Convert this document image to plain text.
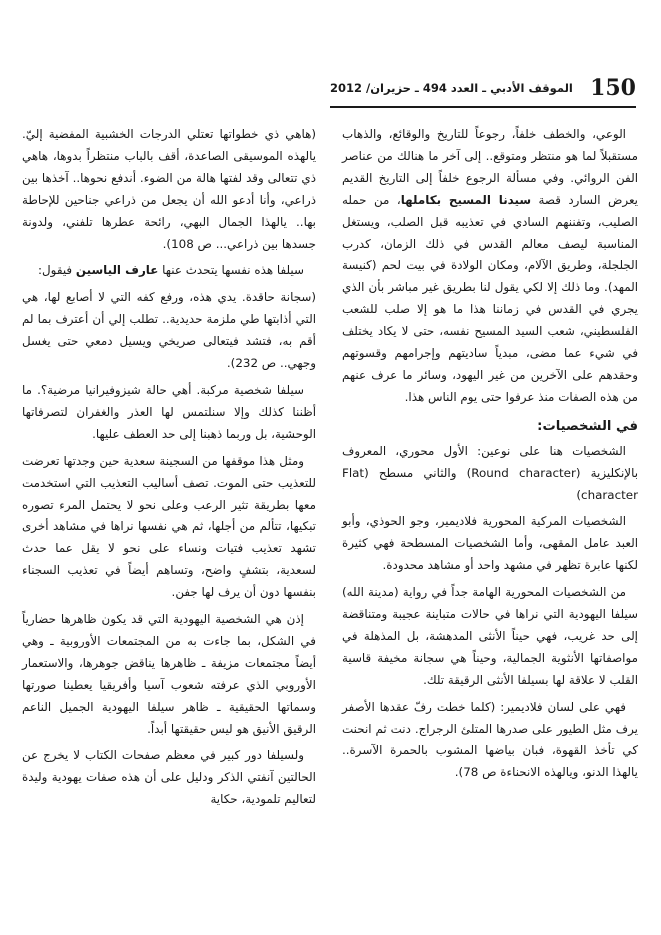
الموقف الأدبي ـ العدد 494 ـ حزيران/ 2012 150

الوعي، والخطف خلفاً، رجوعاً للتاريخ والوقائع، والذهاب مستقبلاً لما هو منتظر ومتوقع.. إلى آخر ما هنالك من عناصر الفن الروائي. وفي مسألة الرجوع خلفاً إلى التاريخ القديم يعرض السارد قصة سيدنا المسيح بكاملها، من حمله الصليب، وتفننهم السادي في تعذيبه قبل الصلب، ويستغل المناسبة ليصف معالم القدس في ذلك الزمان، كدرب الجلجلة، وطريق الآلام، ومكان الولادة في بيت لحم (كنيسة المهد). وما ذلك إلا لكي يقول لنا بطريق غير مباشر بأن الذي يجري في القدس في زماننا هذا ما هو إلا صلب للشعب الفلسطيني، شعب السيد المسيح نفسه، حتى لا يكاد يختلف في شيء عما مضى، مبدياً ساديتهم وإجرامهم وقسوتهم وحقدهم على الآخرين من غير اليهود، وسائر ما عرف عنهم من هذه الصفات منذ عرفوا حتى يوم الناس هذا.

في الشخصيات:

الشخصيات هنا على نوعين: الأول محوري، المعروف بالإنكليزية (Round character) والثاني مسطح (Flat character)

الشخصيات المركية المحورية فلاديمير، وجو الحوذي، وأبو العبد عامل المقهى، وأما الشخصيات المسطحة فهي كثيرة لكنها عابرة تظهر في مشهد واحد أو مشاهد محدودة.

من الشخصيات المحورية الهامة جداً في رواية (مدينة الله) سيلفا اليهودية التي نراها في حالات متباينة عجيبة ومتناقضة إلى حد غريب، فهي حيناً الأنثى المدهشة، بل المذهلة في مواصفاتها الأنثوية الجمالية، وحيناً هي سجانة مخيفة قاسية القلب لا علاقة لها بسيلفا الأنثى الرقيقة تلك.

فهي على لسان فلاديمير: (كلما خطت رفّ عقدها الأصفر يرف مثل الطيور على صدرها المتلئ الرجراج. دنت ثم انحنت كي تأخذ القهوة، فبان بياضها المشوب بالحمرة الآسرة.. يالهذا الدنو، ويالهذه الانحناءة ص 78).

(هاهي ذي خطواتها تعتلي الدرجات الخشبية المفضية إليّ. يالهذه الموسيقى الصاعدة، أقف بالباب منتظراً بدوها، هاهي ذي تتعالى وقد لفتها هالة من الضوء. أندفع نحوها.. آخذها بين ذراعي، وأنا أدعو الله أن يجعل من ذراعي جناحين للإحاطة بها.. يالهذا الجمال البهي، رائحة عطرها تلفني، ولدونة جسدها بين ذراعي... ص 108).

سيلفا هذه نفسها يتحدث عنها عارف الياسين فيقول:

(سجانة حاقدة. يدي هذه، ورفع كفه التي لا أصابع لها، هي التي أذابتها طي ملزمة حديدية.. تطلب إلي أن أعترف بما لم أقم به، فتشد فيتعالى صريخي ويسيل دمعي حتى يغسل وجهي.. ص 232).

سيلفا شخصية مركبة. أهي حالة شيزوفيرانيا مرضية؟. ما أظننا كذلك وإلا سنلتمس لها العذر والغفران لتصرفاتها الوحشية، بل وربما ذهبنا إلى حد العطف عليها.

ومثل هذا موقفها من السجينة سعدية حين وجدتها تعرضت للتعذيب حتى الموت. تصف أساليب التعذيب التي استخدمت معها بطريقة تثير الرعب وعلى نحو لا يحتمل المرء تصوره تبكيها، تتألم من أجلها، ثم هي نفسها نراها في مشاهد أخرى تشهد تعذيب فتيات ونساء على نحو لا يقل عما حدث لسعدية، بتشفٍ واضح، وتساهم أيضاً في تعذيب السجناء بنفسها دون أن يرف لها جفن.

إذن هي الشخصية اليهودية التي قد يكون ظاهرها حضارياً في الشكل، بما جاءت به من المجتمعات الأوروبية ـ وهي أيضاً مجتمعات مزيفة ـ ظاهرها يناقض جوهرها، والاستعمار الأوروبي الذي عرفته شعوب آسيا وأفريقيا يعطينا صورتها وسماتها الحقيقية ـ ظاهر سيلفا اليهودية الجميل الناعم الرقيق الأنيق هو ليس حقيقتها أبداً.

ولسيلفا دور كبير في معظم صفحات الكتاب لا يخرج عن الحالتين آنفتي الذكر ودليل على أن هذه صفات يهودية وليدة لتعاليم تلمودية، حكاية
